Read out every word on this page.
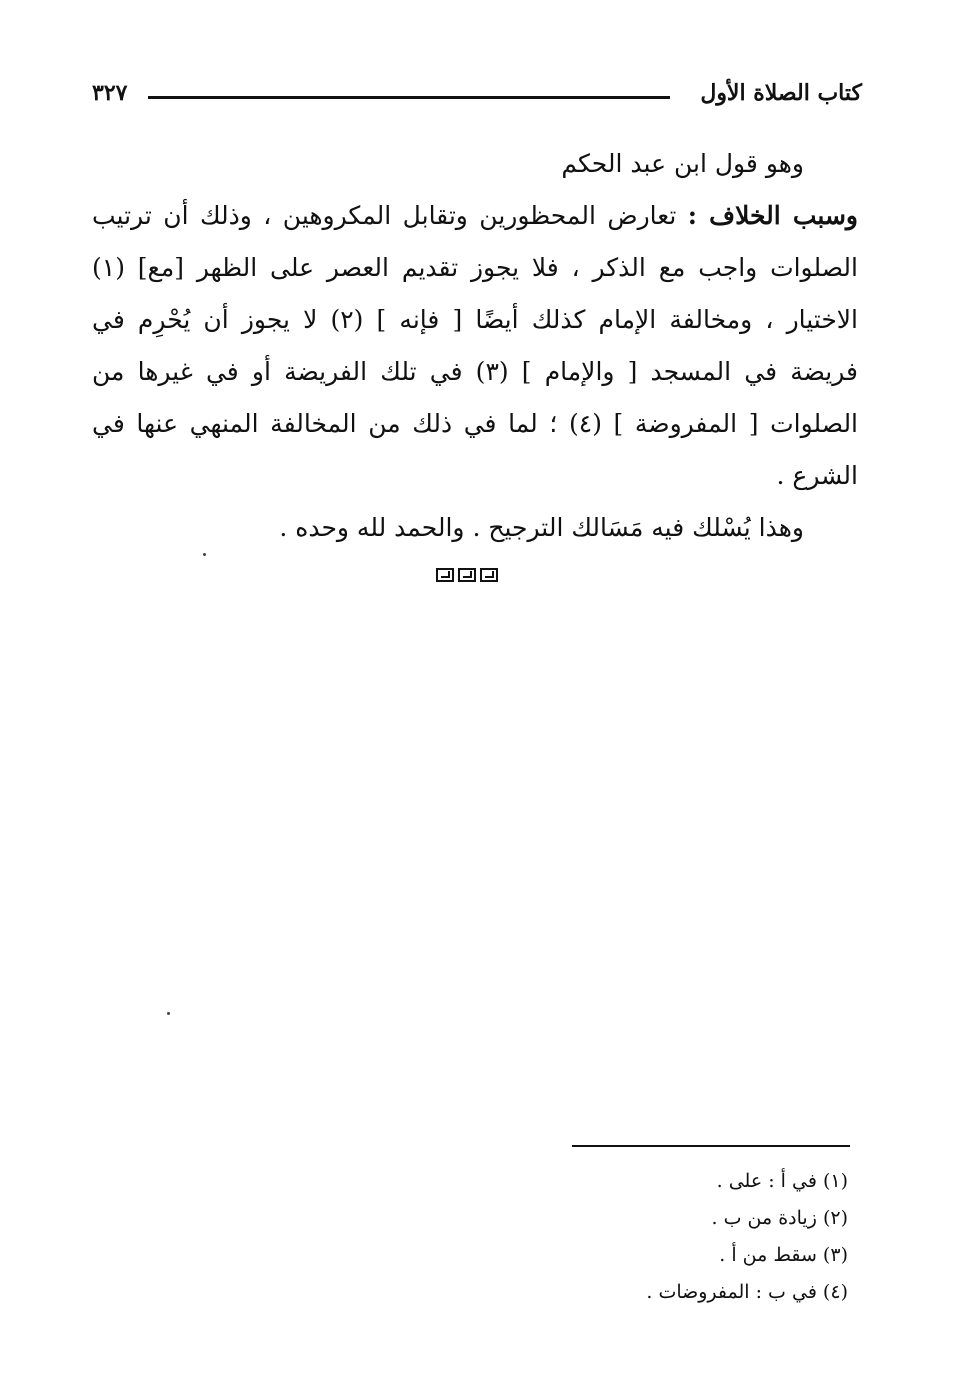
كتاب الصلاة الأول
٣٢٧

وهو قول ابن عبد الحكم

وسبب الخلاف : تعارض المحظورين وتقابل المكروهين ، وذلك أن ترتيب الصلوات واجب مع الذكر ، فلا يجوز تقديم العصر على الظهر [مع] (١) الاختيار ، ومخالفة الإمام كذلك أيضًا [ فإنه ] (٢) لا يجوز أن يُحْرِم في فريضة في المسجد [ والإمام ] (٣) في تلك الفريضة أو في غيرها من الصلوات [ المفروضة ] (٤) ؛ لما في ذلك من المخالفة المنهي عنها في الشرع .

وهذا يُسْلك فيه مَسَالك الترجيح . والحمد لله وحده .

(١) في أ : على .

(٢) زيادة من ب .

(٣) سقط من أ .

(٤) في ب : المفروضات .
